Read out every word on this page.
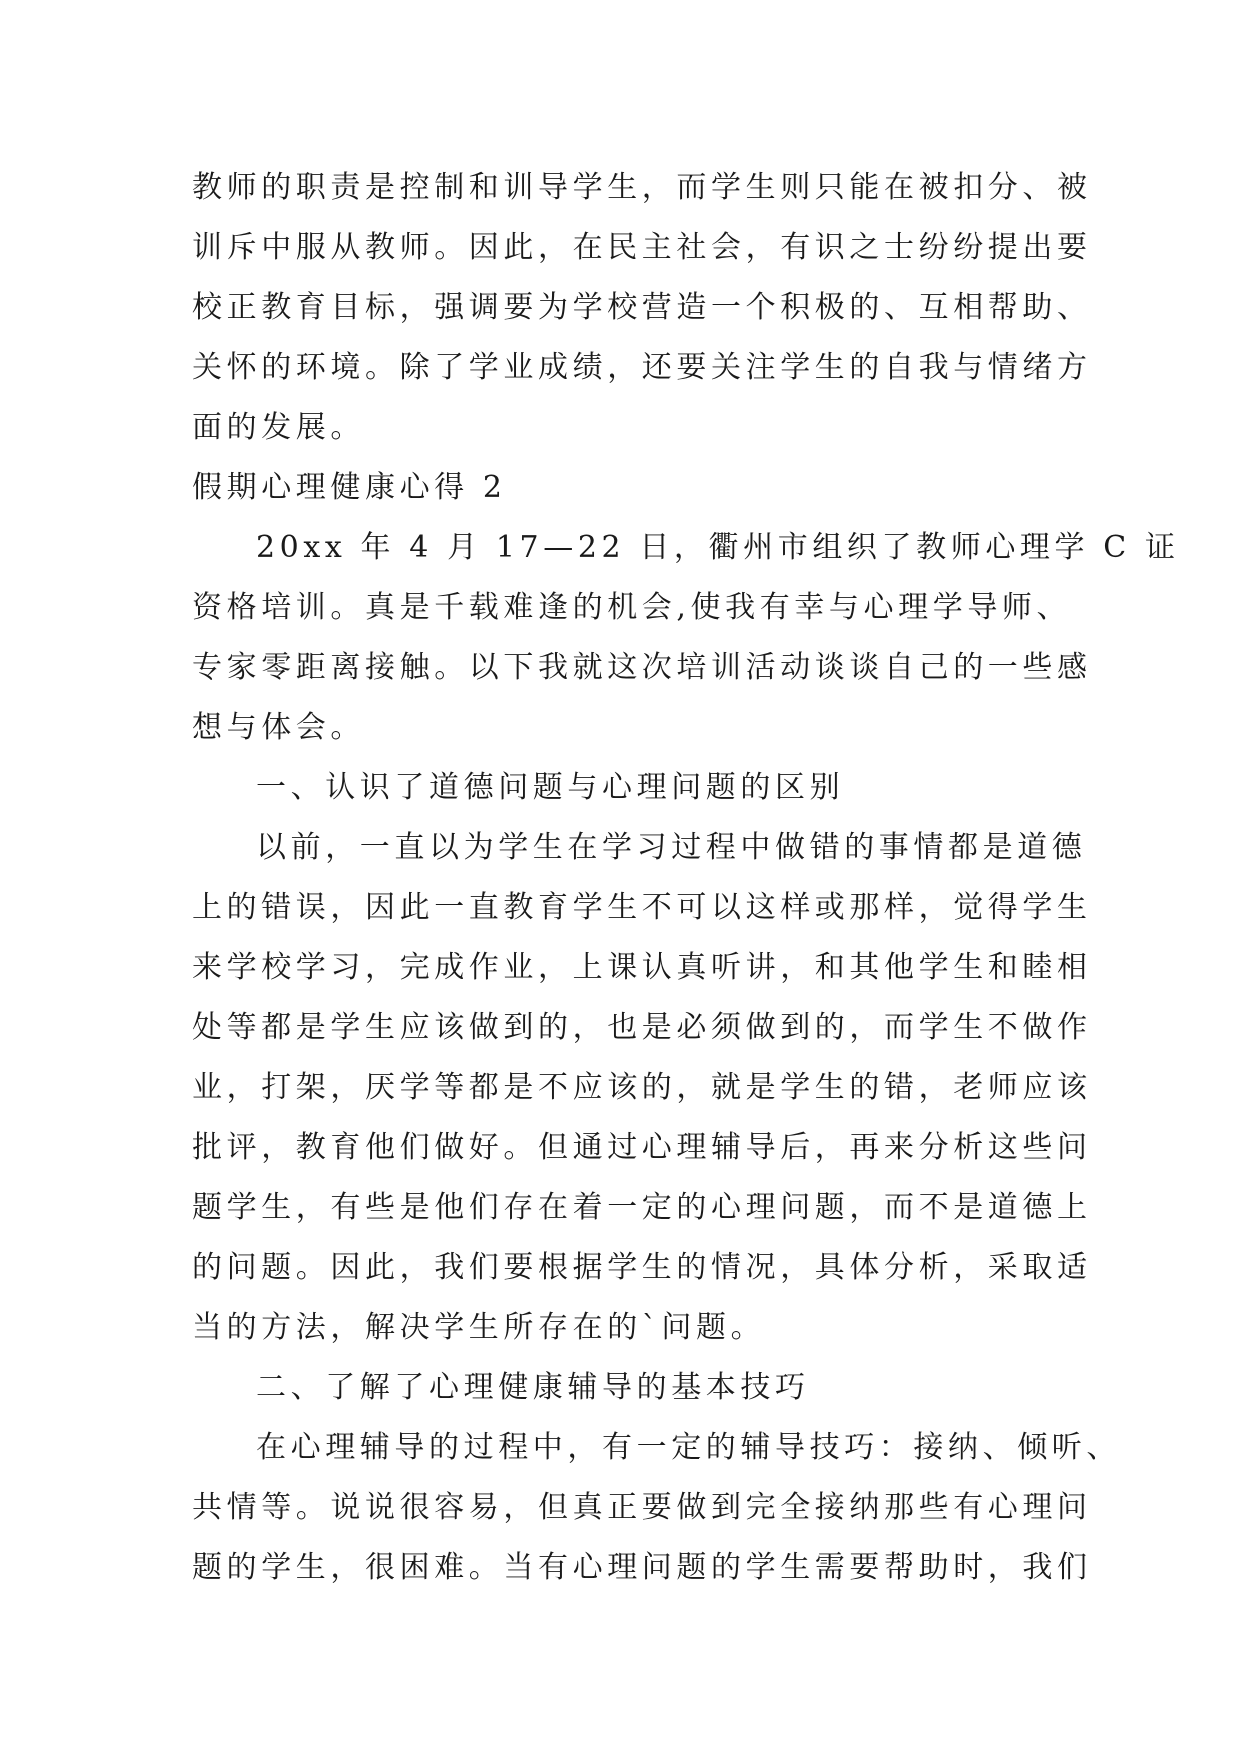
教师的职责是控制和训导学生，而学生则只能在被扣分、被

训斥中服从教师。因此，在民主社会，有识之士纷纷提出要

校正教育目标，强调要为学校营造一个积极的、互相帮助、

关怀的环境。除了学业成绩，还要关注学生的自我与情绪方

面的发展。

假期心理健康心得 2

20xx 年 4 月 17—22 日，衢州市组织了教师心理学 C 证

资格培训。真是千载难逢的机会,使我有幸与心理学导师、

专家零距离接触。以下我就这次培训活动谈谈自己的一些感

想与体会。

一、认识了道德问题与心理问题的区别

以前，一直以为学生在学习过程中做错的事情都是道德

上的错误，因此一直教育学生不可以这样或那样，觉得学生

来学校学习，完成作业，上课认真听讲，和其他学生和睦相

处等都是学生应该做到的，也是必须做到的，而学生不做作

业，打架，厌学等都是不应该的，就是学生的错，老师应该

批评，教育他们做好。但通过心理辅导后，再来分析这些问

题学生，有些是他们存在着一定的心理问题，而不是道德上

的问题。因此，我们要根据学生的情况，具体分析，采取适

当的方法，解决学生所存在的`问题。

二、了解了心理健康辅导的基本技巧

在心理辅导的过程中，有一定的辅导技巧：接纳、倾听、

共情等。说说很容易，但真正要做到完全接纳那些有心理问

题的学生，很困难。当有心理问题的学生需要帮助时，我们
